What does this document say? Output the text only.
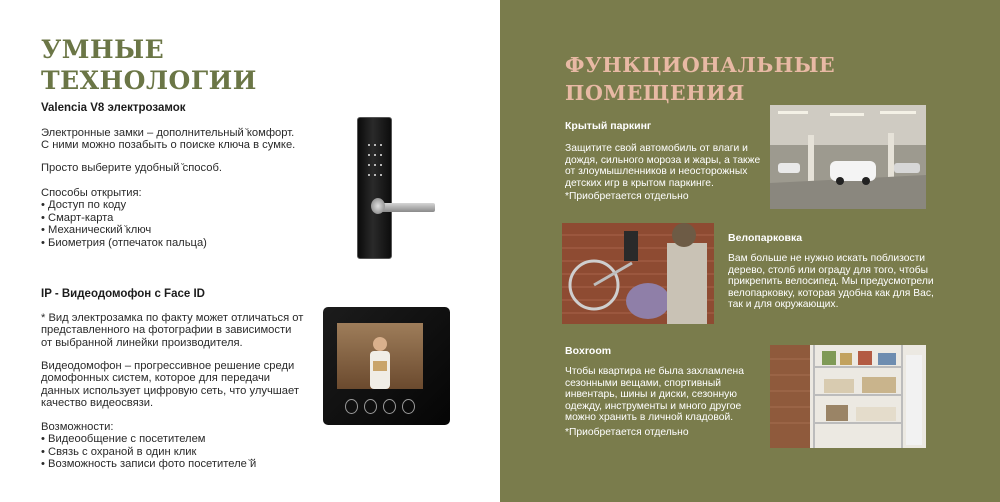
УМНЫЕ
ТЕХНОЛОГИИ
Valencia V8 электрозамок
Электронные замки – дополнительный ̆комфорт.
С ними можно позабыть о поиске ключа в сумке.
Просто выберите удобный ̆способ.
Способы открытия:
• Доступ по коду
• Смарт-карта
• Механический ̆ключ
• Биометрия (отпечаток пальца)
IP - Видеодомофон с Face ID
* Вид электрозамка по факту может отличаться от
представленного на фотографии в зависимости
от выбранной линейки производителя.
Видеодомофон – прогрессивное решение среди
домофонных систем, которое для передачи
данных использует цифровую сеть, что улучшает
качество видеосвязи.
Возможности:
• Видеообщение с посетителем
• Связь с охраной в один клик
• Возможность записи фото посетителе ̆й
ФУНКЦИОНАЛЬНЫЕ
ПОМЕЩЕНИЯ
Крытый паркинг
Защитите свой автомобиль от влаги и
дождя, сильного мороза и жары, а также
от злоумышленников и неосторожных
детских игр в крытом паркинге.
*Приобретается отдельно
Велопарковка
Вам больше не нужно искать поблизости
дерево, столб или ограду для того, чтобы
прикрепить велосипед. Мы предусмотрели
велопарковку, которая удобна как для Вас,
так и для окружающих.
Boxroom
Чтобы квартира не была захламлена
сезонными вещами, спортивный
инвентарь, шины и диски, сезонную
одежду, инструменты и много другое
можно хранить в личной кладовой.
*Приобретается отдельно
